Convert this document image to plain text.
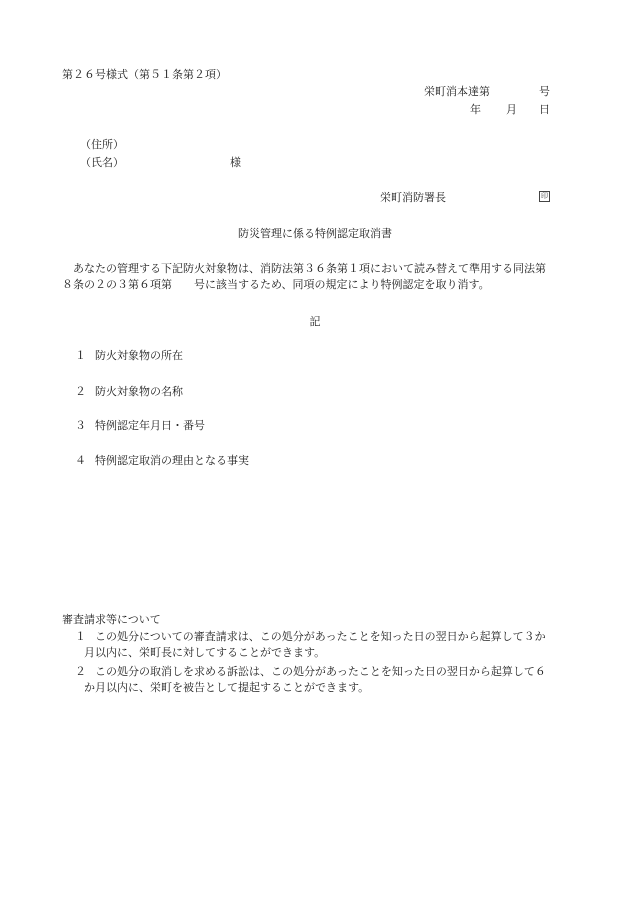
第２６号様式（第５１条第２項）
栄町消本達第	号
年 月 日
（住所）
（氏名）	様
栄町消防署長	印
防災管理に係る特例認定取消書
　あなたの管理する下記防火対象物は、消防法第３６条第１項において読み替えて準用する同法第
８条の２の３第６項第　　号に該当するため、同項の規定により特例認定を取り消す。
記
１ 防火対象物の所在
２ 防火対象物の名称
３ 特例認定年月日・番号
４ 特例認定取消の理由となる事実
審査請求等について
１ この処分についての審査請求は、この処分があったことを知った日の翌日から起算して３か
月以内に、栄町長に対してすることができます。
２ この処分の取消しを求める訴訟は、この処分があったことを知った日の翌日から起算して６
か月以内に、栄町を被告として提起することができます。
